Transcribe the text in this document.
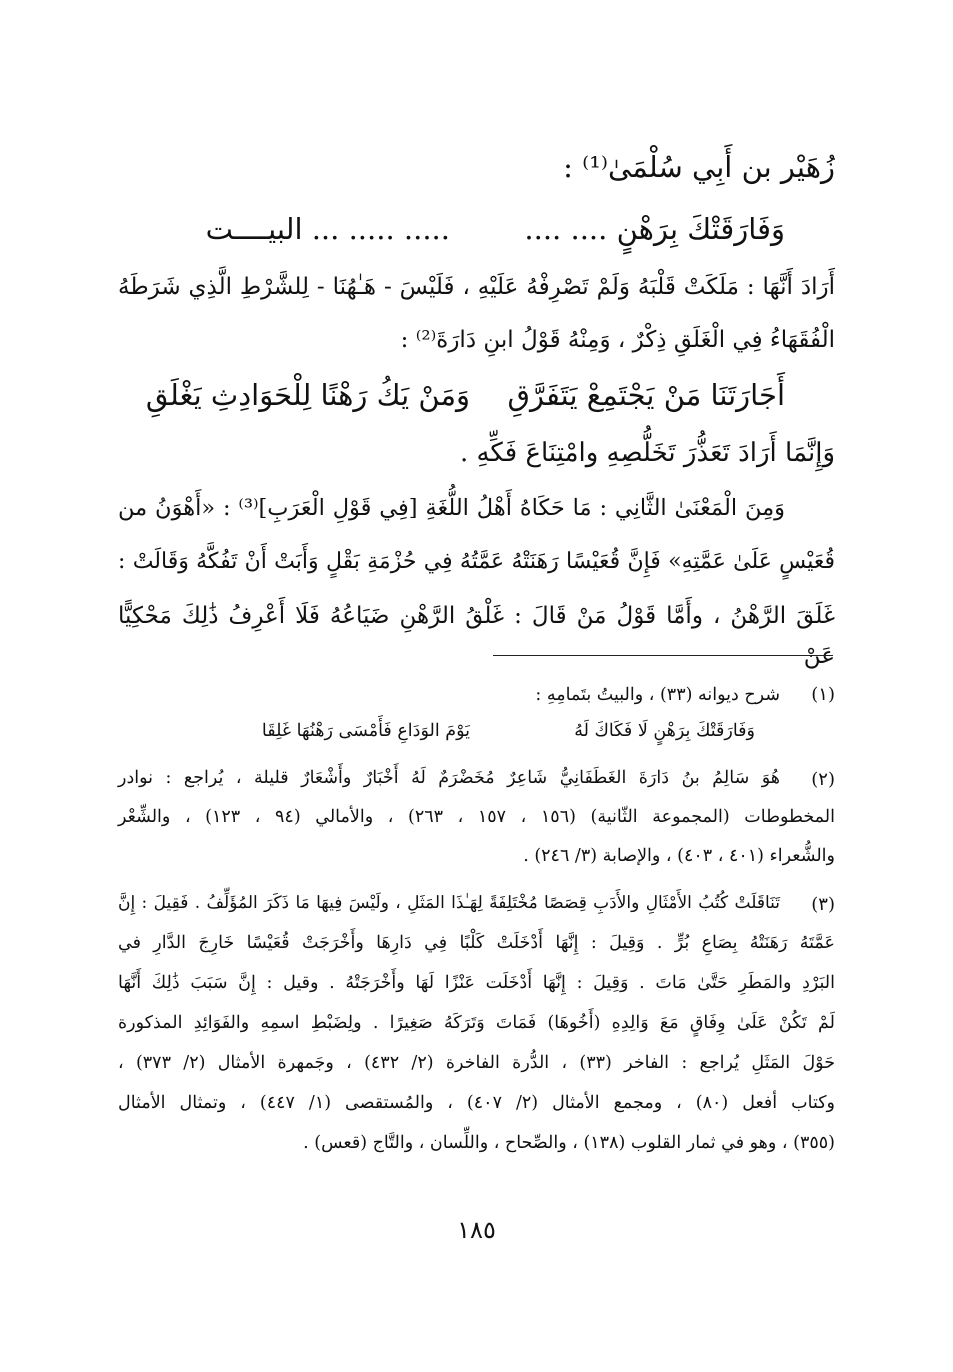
زُهَيْر بن أَبِي سُلْمَىٰ⁽¹⁾ :
وَفَارَقَتْكَ بِرَهْنٍ .... ....
..... ..... ... البيــــت
أَرَادَ أَنَّهَا : مَلَكَتْ قَلْبَهُ وَلَمْ تَصْرِفْهُ عَلَيْهِ ، فَلَيْسَ - هَـٰهُنَا - لِلشَّرْطِ الَّذِي شَرَطَهُ
الْفُقَهَاءُ فِي الْغَلَقِ ذِكْرٌ ، وَمِنْهُ قَوْلُ ابنِ دَارَةَ⁽²⁾ :
أَجَارَتَنَا مَنْ يَجْتَمِعْ يَتَفَرَّقِ
وَمَنْ يَكُ رَهْنًا لِلْحَوَادِثِ يَغْلَقِ
وَإِنَّمَا أَرَادَ تَعَذُّرَ تَخَلُّصِهِ وامْتِنَاعَ فَكِّهِ .
وَمِنَ الْمَعْنَىٰ الثَّانِي : مَا حَكَاهُ أَهْلُ اللُّغَةِ [فِي قَوْلِ الْعَرَبِ]⁽³⁾ : «أَهْوَنُ من
قُعَيْسٍ عَلَىٰ عَمَّتِهِ» فَإِنَّ قُعَيْسًا رَهَنَتْهُ عَمَّتُهُ فِي حُزْمَةِ بَقْلٍ وَأَبَتْ أَنْ تَفُكَّهُ وَقَالَتْ :
غَلَقَ الرَّهْنُ ، وأَمَّا قَوْلُ مَنْ قَالَ : غَلْقُ الرَّهْنِ ضَيَاعُهُ فَلَا أَعْرِفُ ذَٰلِكَ مَحْكِيًّا عَنْ
(١)
شرح ديوانه (٣٣) ، والبيتُ بتَمامِهِ :
وَفَارَقَتْكَ بِرَهْنٍ لَا فَكَاكَ لَهُ
يَوْمَ الوَدَاعِ فَأَمْسَى رَهْنُهَا غَلِقَا
(٢)
هُوَ سَالِمُ بنُ دَارَةَ الغَطَفَانِيُّ شَاعِرٌ مُخَضْرَمٌ لَهُ أَخْبَارٌ وأَشْعَارٌ قليلة ، يُراجع : نوادر
المخطوطات (المجموعة الثّانية) (١٥٦ ، ١٥٧ ، ٢٦٣) ، والأمالي (٩٤ ، ١٢٣) ، والشِّعْر
والشُّعراء (٤٠١ ، ٤٠٣) ، والإصابة (٣/ ٢٤٦) .
(٣)
تَنَاقَلَتْ كُتُبُ الأَمْثَالِ والأَدَبِ قِصَصًا مُخْتَلِفَةً لِهَـٰذَا المَثَلِ ، ولَيْسَ فِيهَا مَا ذَكَرَ المُؤَلِّفُ . فَقِيلَ : إِنَّ
عَمَّتَهُ رَهَنَتْهُ بِصَاعِ بُرٍّ . وَقِيلَ : إِنَّهَا أَدْخَلَتْ كَلْبًا فِي دَارِهَا وأَخْرَجَتْ قُعَيْسًا خَارِجَ الدَّارِ في
البَرْدِ والمَطَرِ حَتَّىٰ مَاتَ . وَقِيلَ : إِنَّهَا أَدْخَلَت عَنْزًا لَهَا وأَخْرَجَتْهُ . وقيل : إِنَّ سَبَبَ ذَٰلِكَ أَنَّهَا
لَمْ تَكُنْ عَلَىٰ وِفَاقٍ مَعَ وَالِدِهِ (أَخُوهَا) فَمَاتَ وَتَرَكَهُ صَغِيرًا . ولِضَبْطِ اسمِهِ والفَوَائِدِ المذكورة
حَوْلَ المَثَلِ يُراجع : الفاخر (٣٣) ، الدُّرة الفاخرة (٢/ ٤٣٢) ، وجَمهرة الأمثال (٢/ ٣٧٣) ،
وكتاب أفعل (٨٠) ، ومجمع الأمثال (٢/ ٤٠٧) ، والمُستقصى (١/ ٤٤٧) ، وتمثال الأمثال
(٣٥٥) ، وهو في ثمار القلوب (١٣٨) ، والصِّحاح ، واللِّسان ، والتَّاج (قعس) .
١٨٥
